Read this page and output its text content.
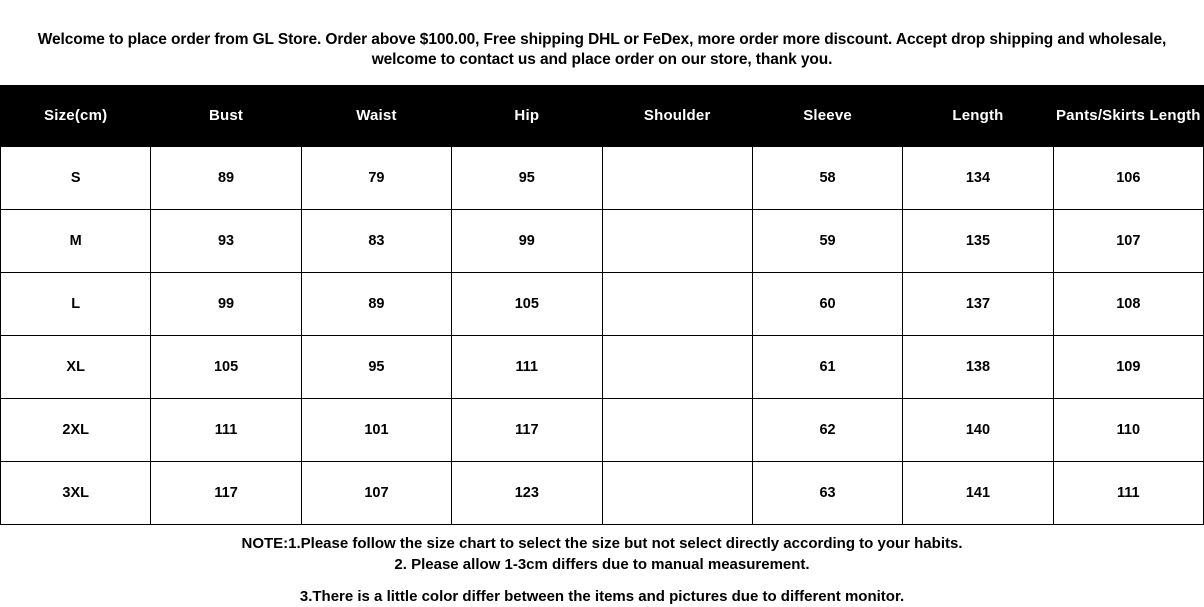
Welcome to place order from GL Store. Order above $100.00, Free shipping DHL or FeDex, more order more discount. Accept drop shipping and wholesale, welcome to contact us and place order on our store, thank you.
Size(cm)	Bust	Waist	Hip	Shoulder	Sleeve	Length	Pants/Skirts Length
S	89	79	95		58	134	106
M	93	83	99		59	135	107
L	99	89	105		60	137	108
XL	105	95	111		61	138	109
2XL	111	101	117		62	140	110
3XL	117	107	123		63	141	111
NOTE:1.Please follow the size chart to select the size but not select directly according to your habits.
2. Please allow 1-3cm differs due to manual measurement.
3.There is a little color differ between the items and pictures due to different monitor.
